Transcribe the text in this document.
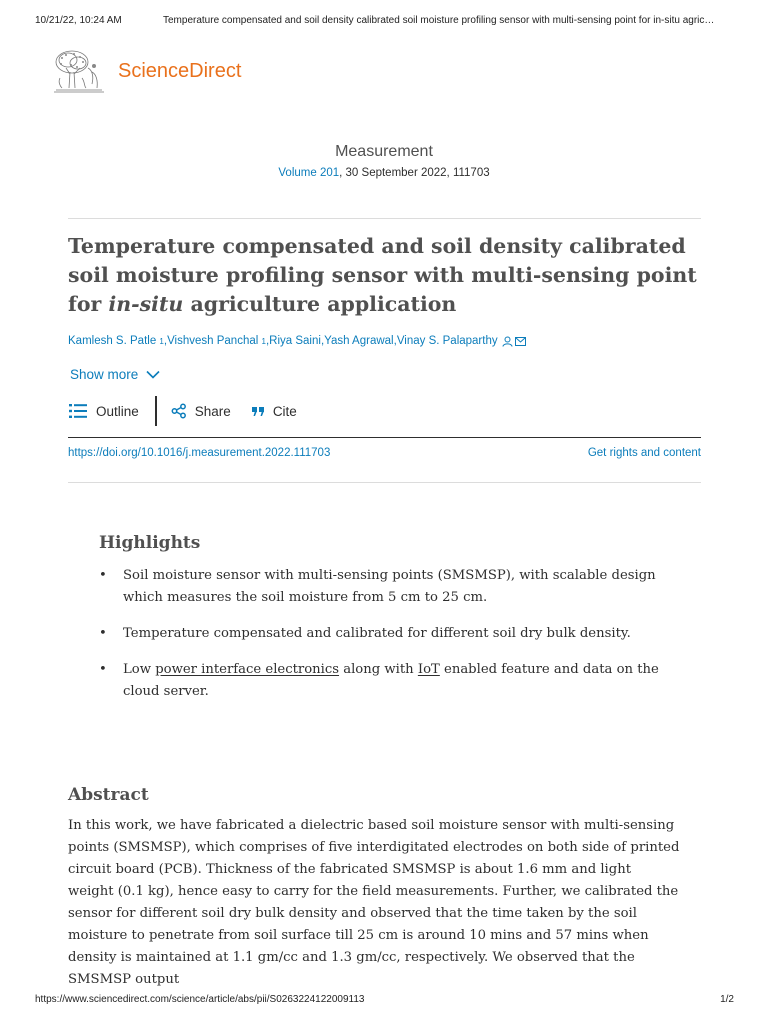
10/21/22, 10:24 AM	Temperature compensated and soil density calibrated soil moisture profiling sensor with multi-sensing point for in-situ agric…
ScienceDirect
Measurement
Volume 201, 30 September 2022, 111703
Temperature compensated and soil density calibrated soil moisture profiling sensor with multi-sensing point for in-situ agriculture application
Kamlesh S. Patle
1 , Vishvesh Panchal
1 , Riya Saini , Yash Agrawal , Vinay S. Palaparthy
Show more
Outline	Share	Cite
https://doi.org/10.1016/j.measurement.2022.111703	Get rights and content
Highlights
• Soil moisture sensor with multi-sensing points (SMSMSP), with scalable design which measures the soil moisture from 5 cm to 25 cm.
• Temperature compensated and calibrated for different soil dry bulk density.
• Low power interface electronics along with IoT enabled feature and data on the cloud server.
Abstract

In this work, we have fabricated a dielectric based soil moisture sensor with multi-sensing points (SMSMSP), which comprises of five interdigitated electrodes on both side of printed circuit board (PCB). Thickness of the fabricated SMSMSP is about 1.6 mm and light weight (0.1 kg), hence easy to carry for the field measurements. Further, we calibrated the sensor for different soil dry bulk density and observed that the time taken by the soil moisture to penetrate from soil surface till 25 cm is around 10 mins and 57 mins when density is maintained at 1.1 gm/cc and 1.3 gm/cc, respectively. We observed that the SMSMSP output

https://www.sciencedirect.com/science/article/abs/pii/S0263224122009113	1/2
